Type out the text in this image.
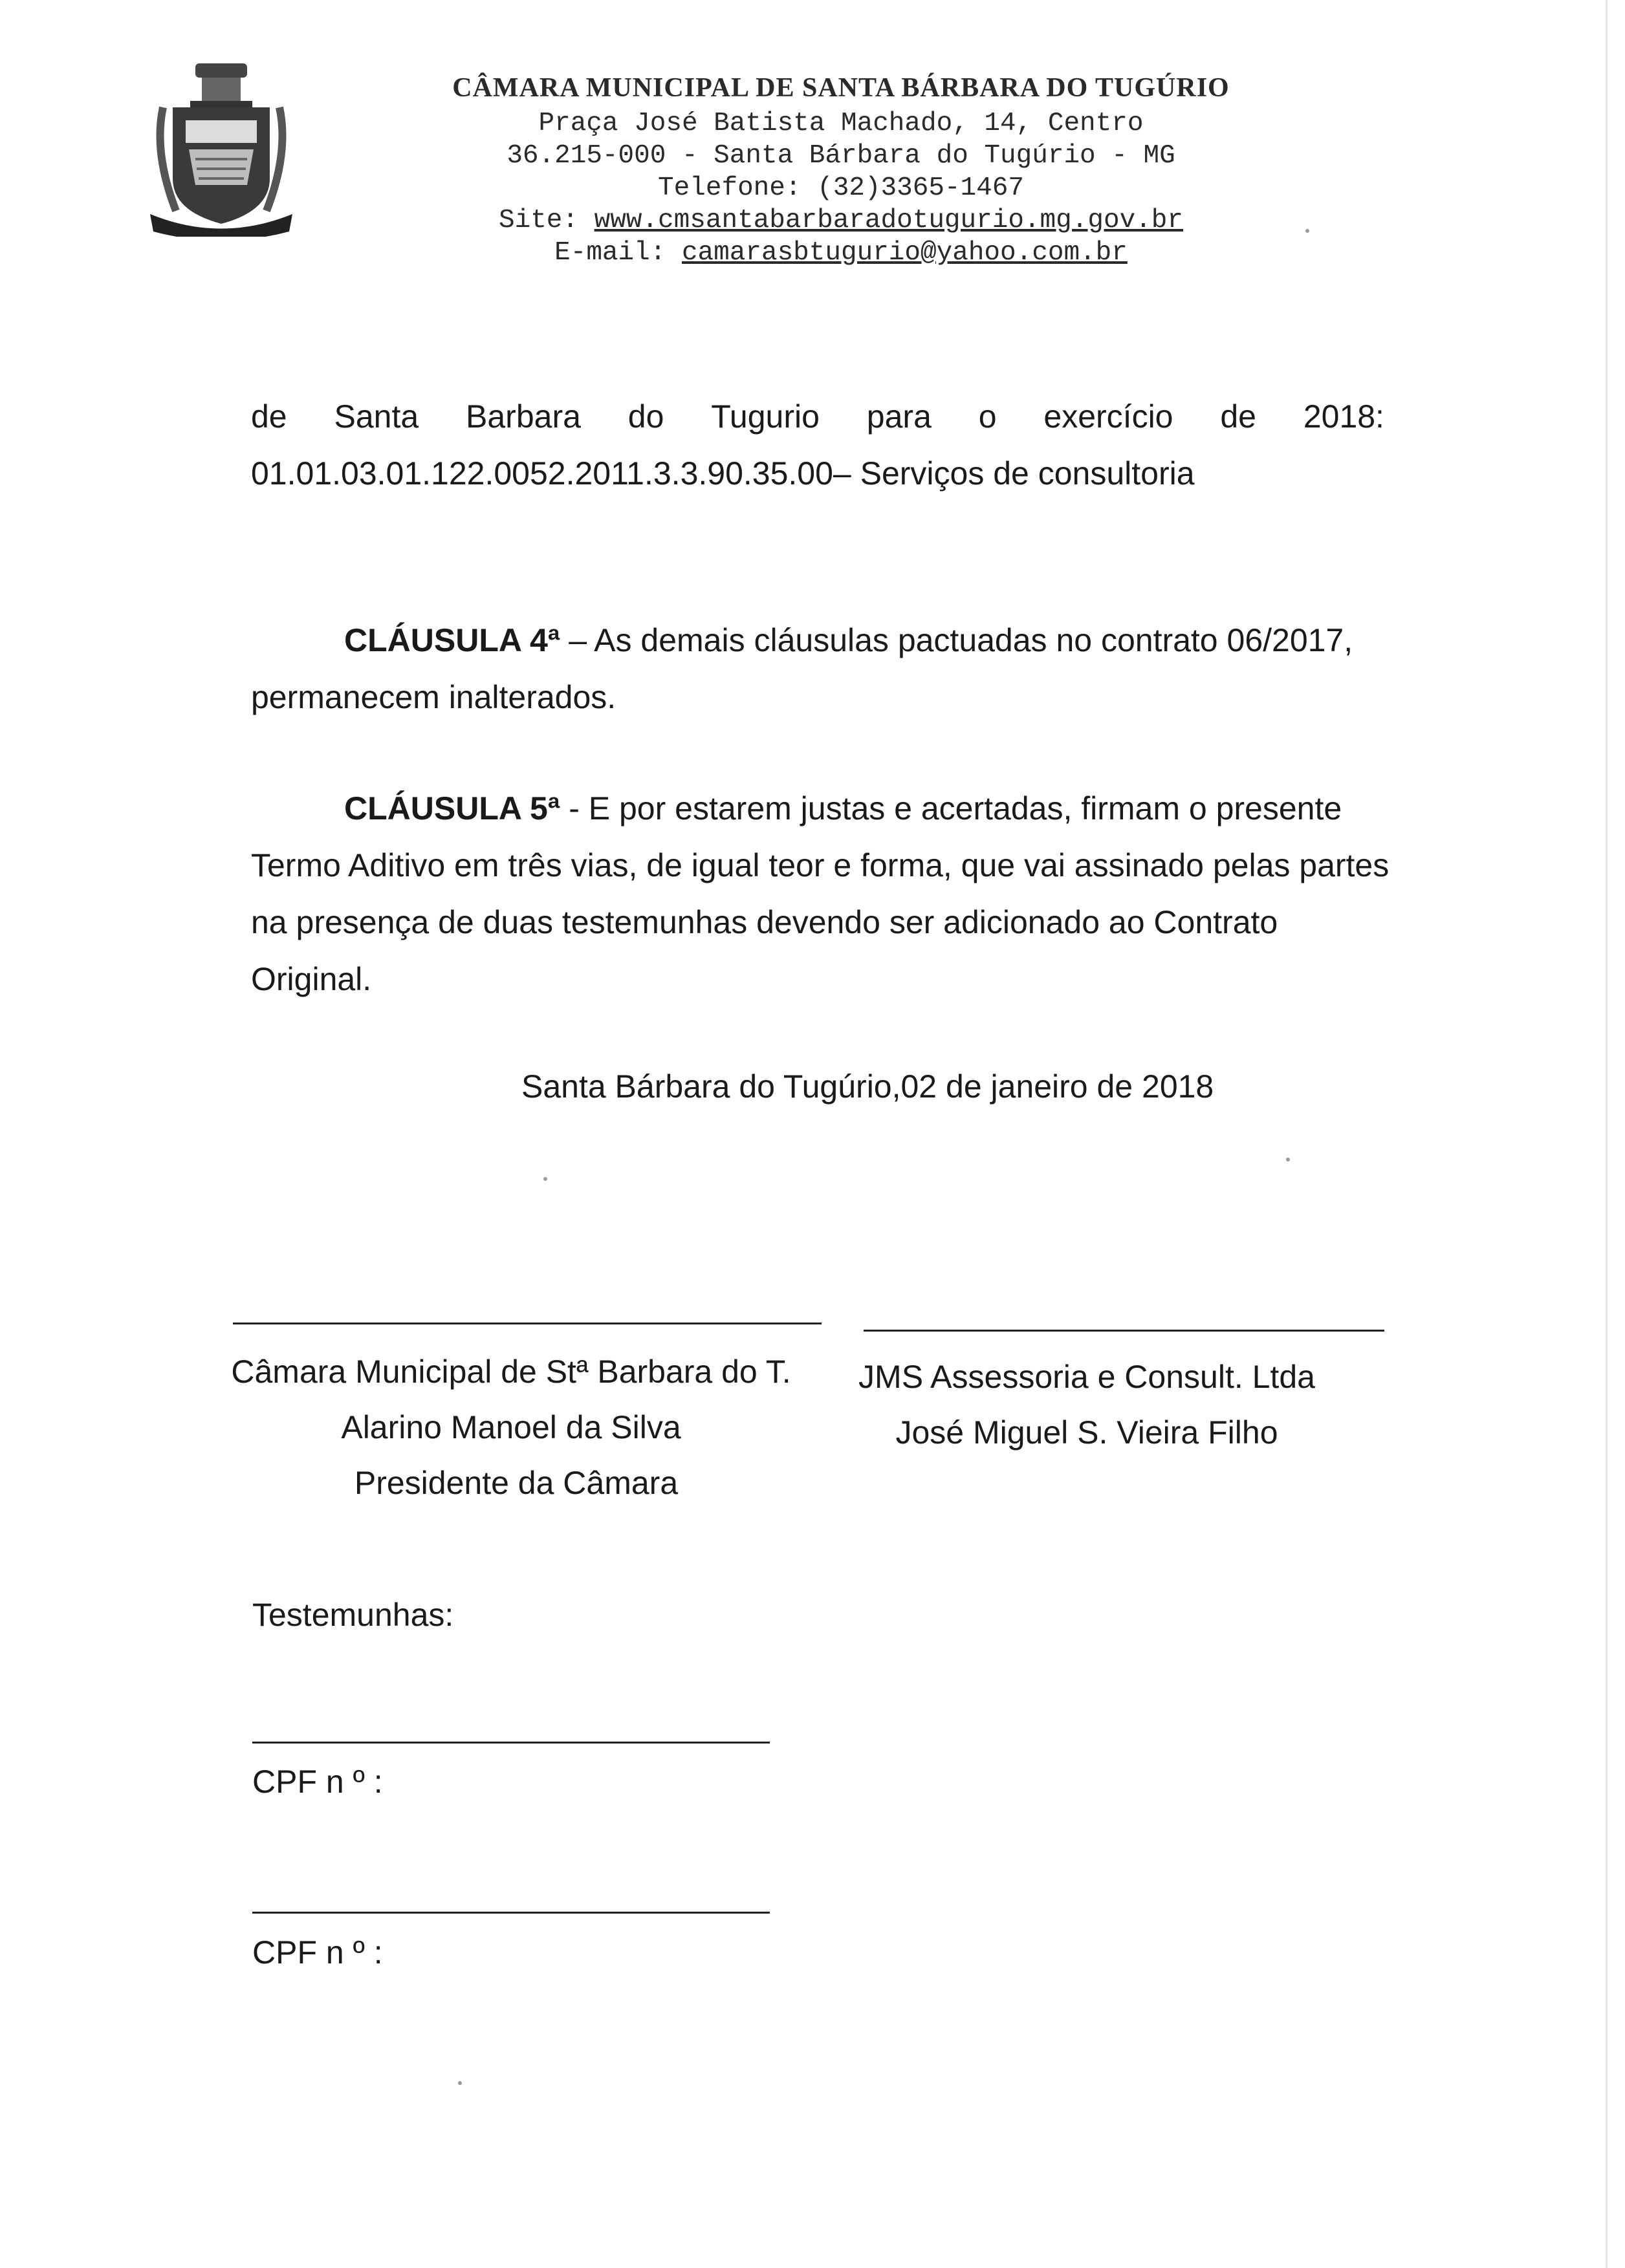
CÂMARA MUNICIPAL DE SANTA BÁRBARA DO TUGÚRIO
Praça José Batista Machado, 14, Centro
36.215-000 - Santa Bárbara do Tugúrio - MG
Telefone: (32)3365-1467
Site: www.cmsantabarbaradotugurio.mg.gov.br
E-mail: camarasbtugurio@yahoo.com.br
de Santa Barbara do Tugurio para o exercício de 2018:
01.01.03.01.122.0052.2011.3.3.90.35.00– Serviços de consultoria
CLÁUSULA 4ª – As demais cláusulas pactuadas no contrato 06/2017,
permanecem inalterados.
CLÁUSULA 5ª - E por estarem justas e acertadas, firmam o presente
Termo Aditivo em três vias, de igual teor e forma, que vai assinado pelas partes
na presença de duas testemunhas devendo ser adicionado ao Contrato
Original.
Santa Bárbara do Tugúrio,02 de janeiro de 2018
Câmara Municipal de Stª Barbara do T.
Alarino Manoel da Silva
Presidente da Câmara
JMS Assessoria e Consult. Ltda
José Miguel S. Vieira Filho
Testemunhas:
CPF n º :
CPF n º :
